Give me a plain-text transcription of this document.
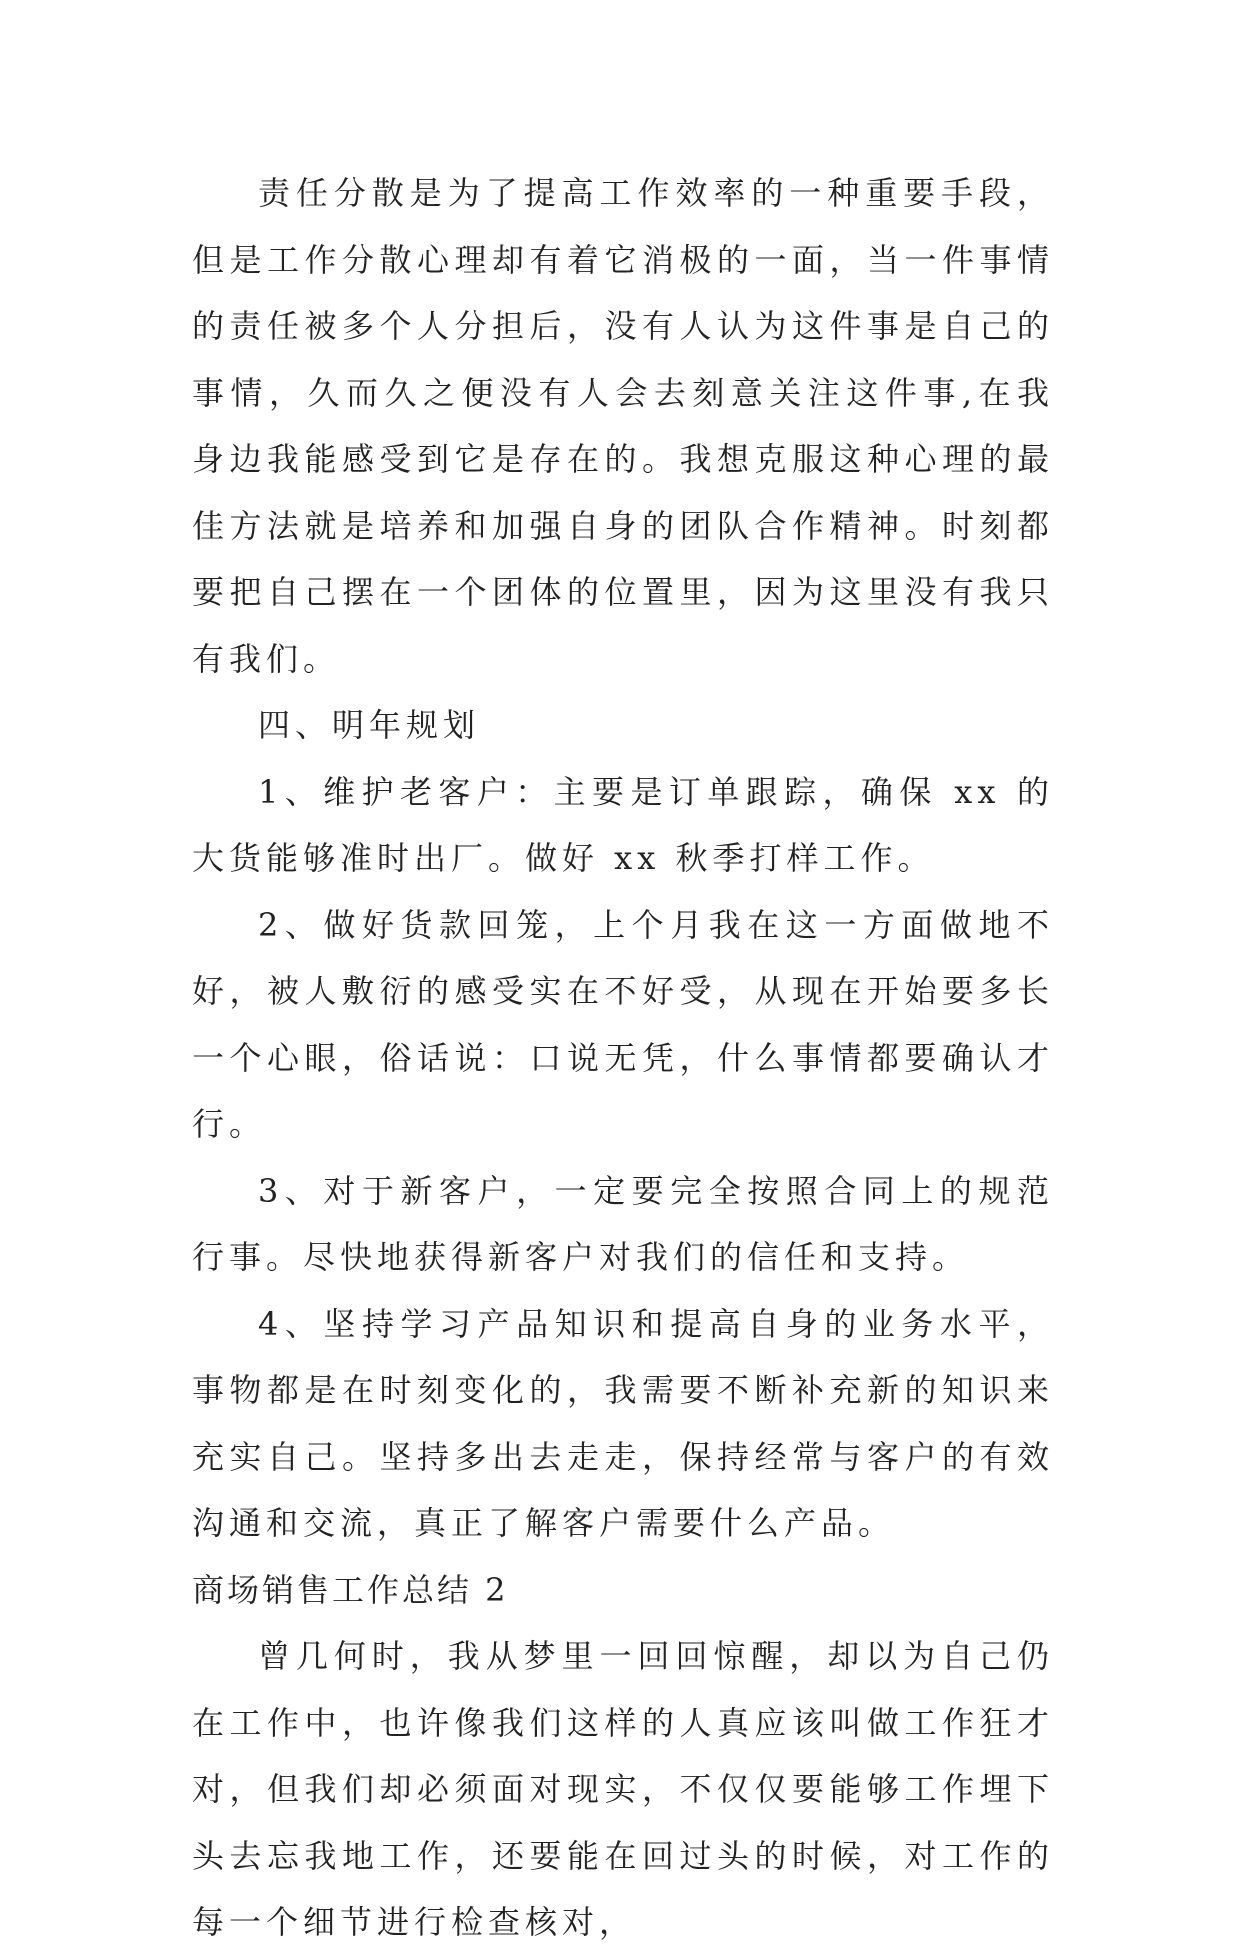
责任分散是为了提高工作效率的一种重要手段，但是工作分散心理却有着它消极的一面，当一件事情的责任被多个人分担后，没有人认为这件事是自己的事情，久而久之便没有人会去刻意关注这件事,在我身边我能感受到它是存在的。我想克服这种心理的最佳方法就是培养和加强自身的团队合作精神。时刻都要把自己摆在一个团体的位置里，因为这里没有我只有我们。

四、明年规划

1、维护老客户：主要是订单跟踪，确保 xx 的大货能够准时出厂。做好 xx 秋季打样工作。

2、做好货款回笼，上个月我在这一方面做地不好，被人敷衍的感受实在不好受，从现在开始要多长一个心眼，俗话说：口说无凭，什么事情都要确认才行。

3、对于新客户，一定要完全按照合同上的规范行事。尽快地获得新客户对我们的信任和支持。

4、坚持学习产品知识和提高自身的业务水平，事物都是在时刻变化的，我需要不断补充新的知识来充实自己。坚持多出去走走，保持经常与客户的有效沟通和交流，真正了解客户需要什么产品。

商场销售工作总结 2

曾几何时，我从梦里一回回惊醒，却以为自己仍在工作中，也许像我们这样的人真应该叫做工作狂才对，但我们却必须面对现实，不仅仅要能够工作埋下头去忘我地工作，还要能在回过头的时候，对工作的每一个细节进行检查核对，
